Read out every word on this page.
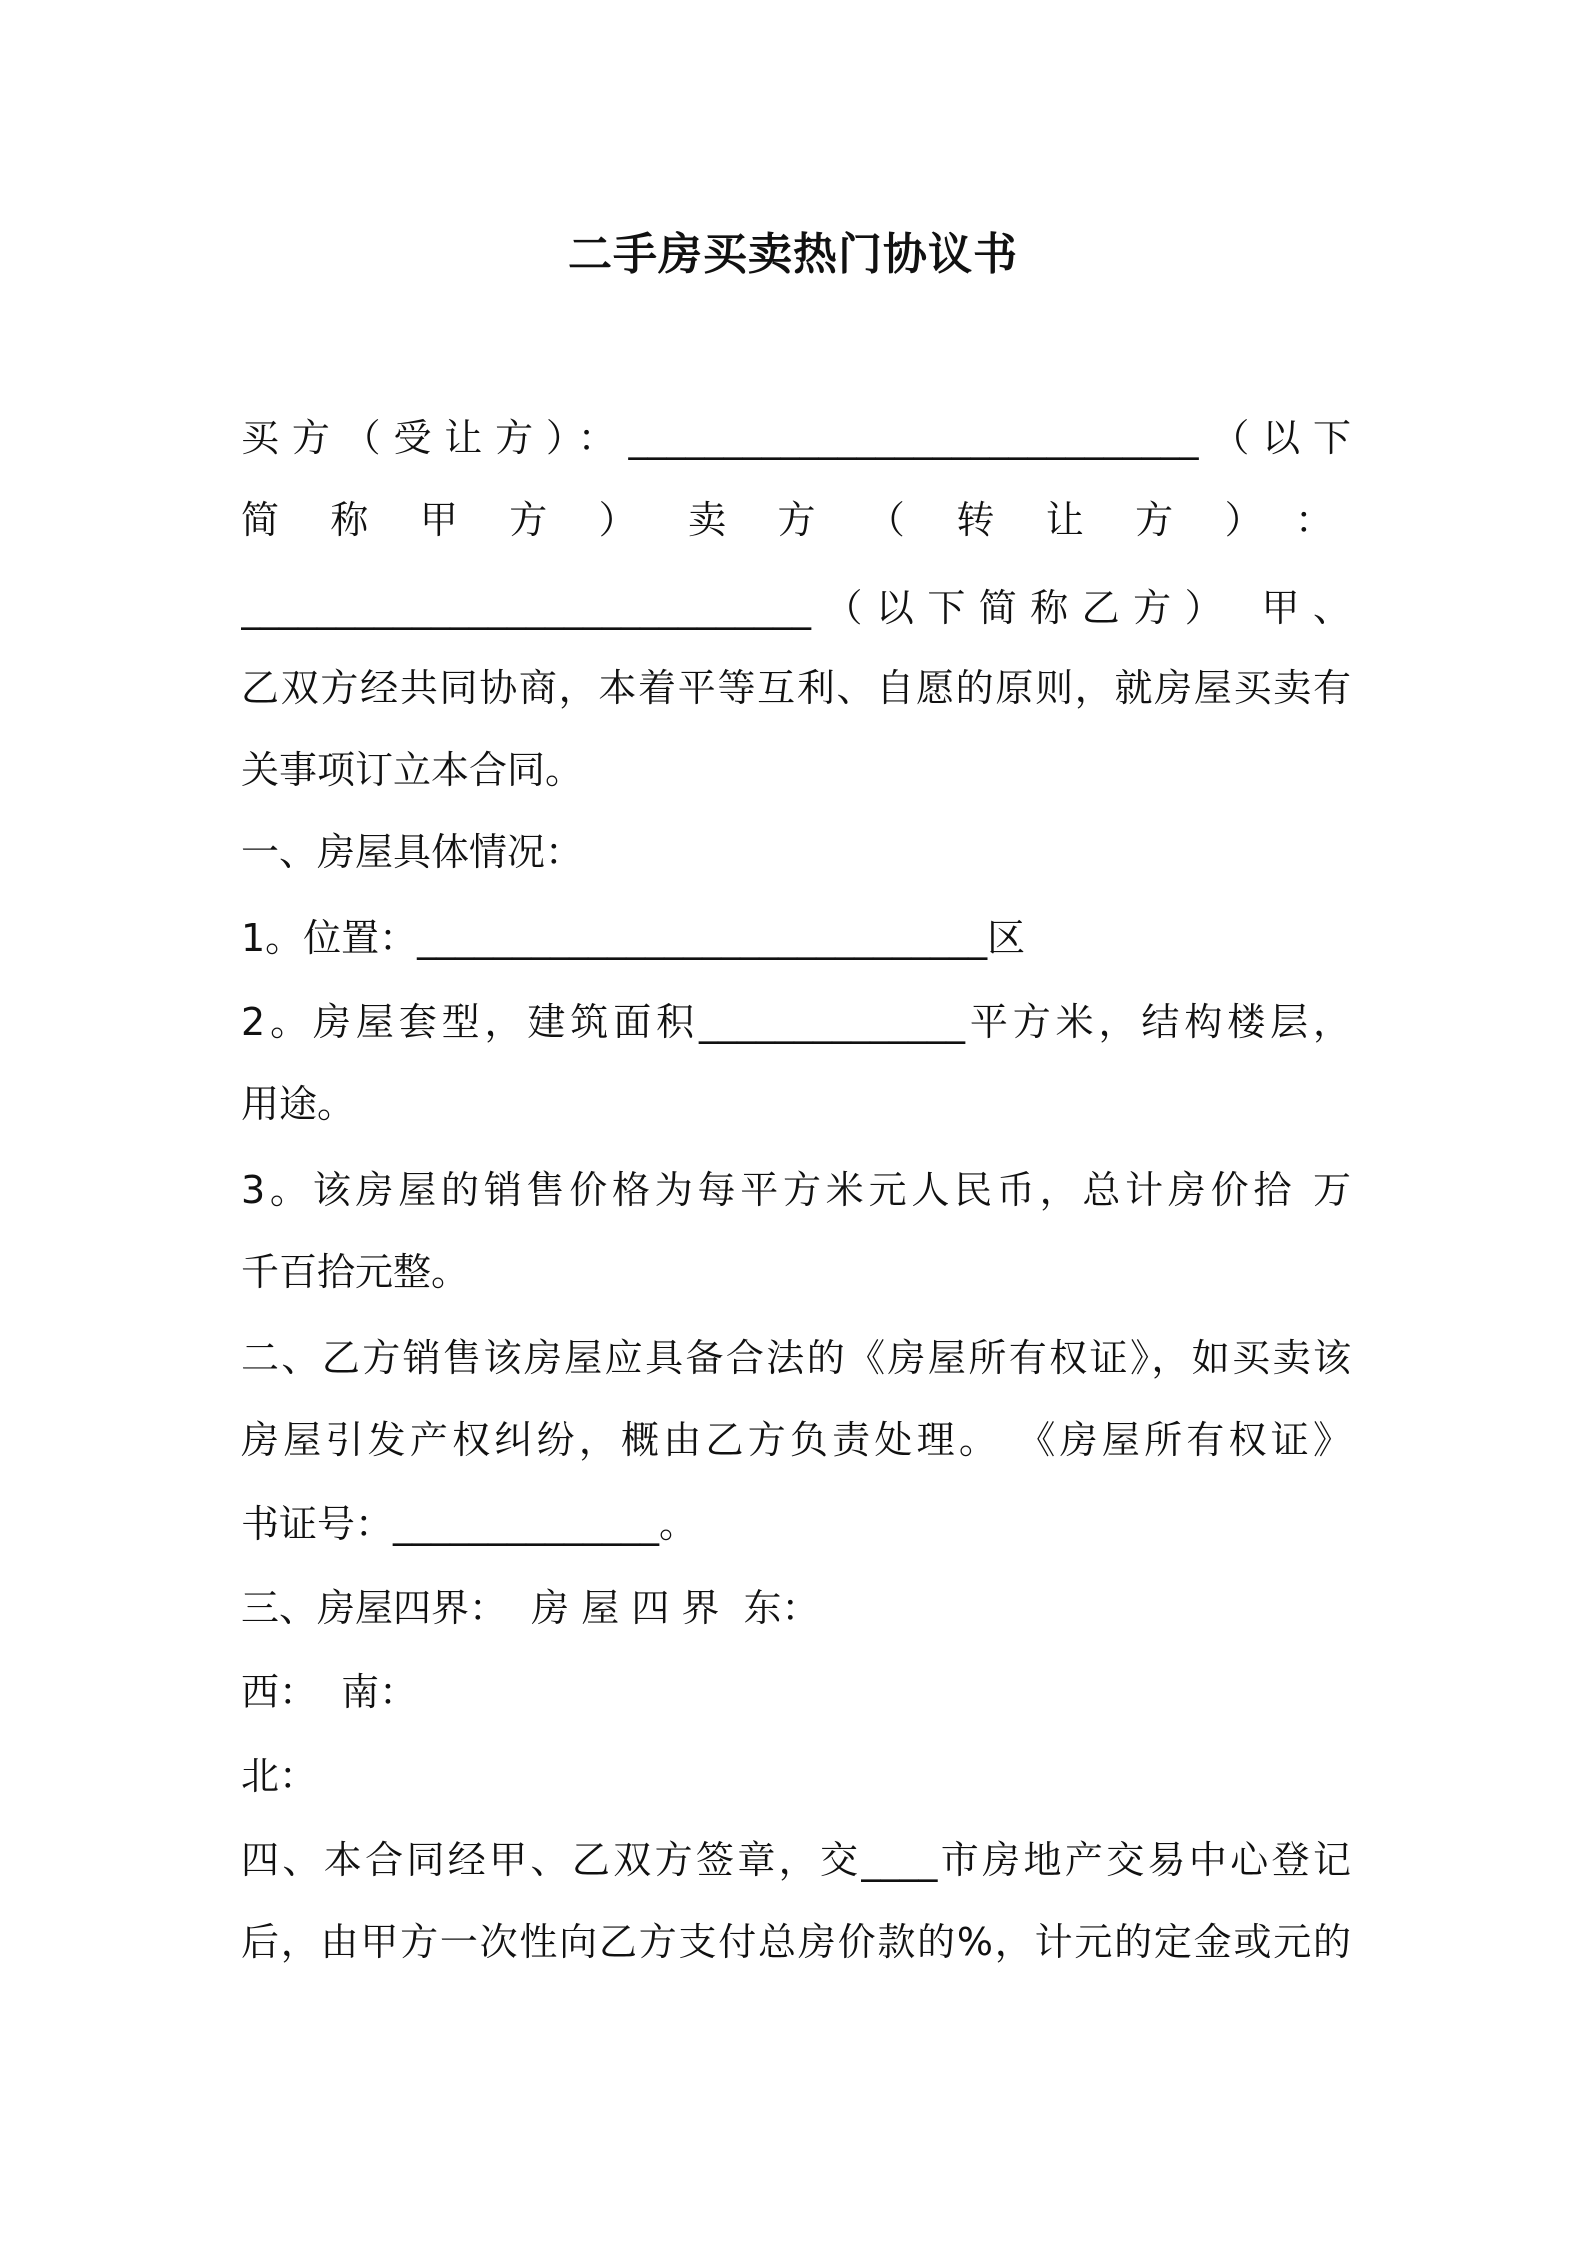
二手房买卖热门协议书
买方（受让方）：______________________________（以下
简称甲方）卖方（转让方）：
______________________________（以下简称乙方） 甲、
乙双方经共同协商，本着平等互利、自愿的原则，就房屋买卖有
关事项订立本合同。
一、房屋具体情况：
1。位置：______________________________区
2。房屋套型，建筑面积______________平方米，结构楼层，
用途。
3。该房屋的销售价格为每平方米元人民币，总计房价拾 万
千百拾元整。
二、乙方销售该房屋应具备合法的《房屋所有权证》，如买卖该
房屋引发产权纠纷，概由乙方负责处理。 《房屋所有权证》
书证号：______________。
三、房屋四界：  房 屋 四 界  东：
西：  南：
北：
四、本合同经甲、乙双方签章，交____市房地产交易中心登记
后，由甲方一次性向乙方支付总房价款的%，计元的定金或元的
